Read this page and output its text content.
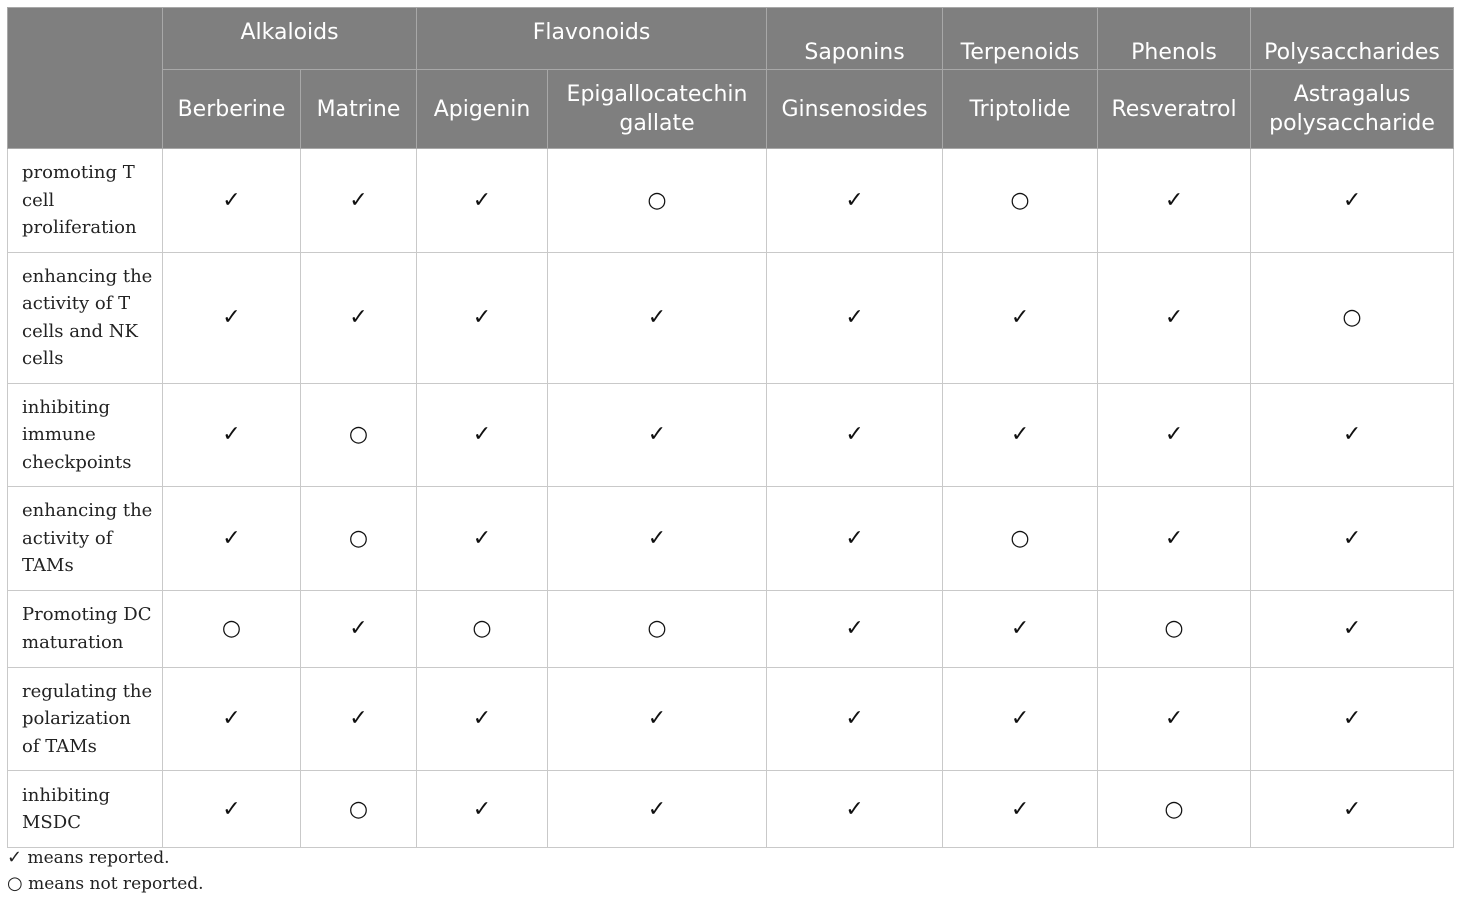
	Alkaloids		Flavonoids		Saponins	Terpenoids	Phenols	Polysaccharides
	Berberine	Matrine	Apigenin	Epigallocatechin gallate	Ginsenosides	Triptolide	Resveratrol	Astragalus polysaccharide
promoting T cell proliferation	✓	✓	✓	○	✓	○	✓	✓
enhancing the activity of T cells and NK cells	✓	✓	✓	✓	✓	✓	✓	○
inhibiting immune checkpoints	✓	○	✓	✓	✓	✓	✓	✓
enhancing the activity of TAMs	✓	○	✓	✓	✓	○	✓	✓
Promoting DC maturation	○	✓	○	○	✓	✓	○	✓
regulating the polarization of TAMs	✓	✓	✓	✓	✓	✓	✓	✓
inhibiting MSDC	✓	○	✓	✓	✓	✓	○	✓
✓ means reported.
○ means not reported.
